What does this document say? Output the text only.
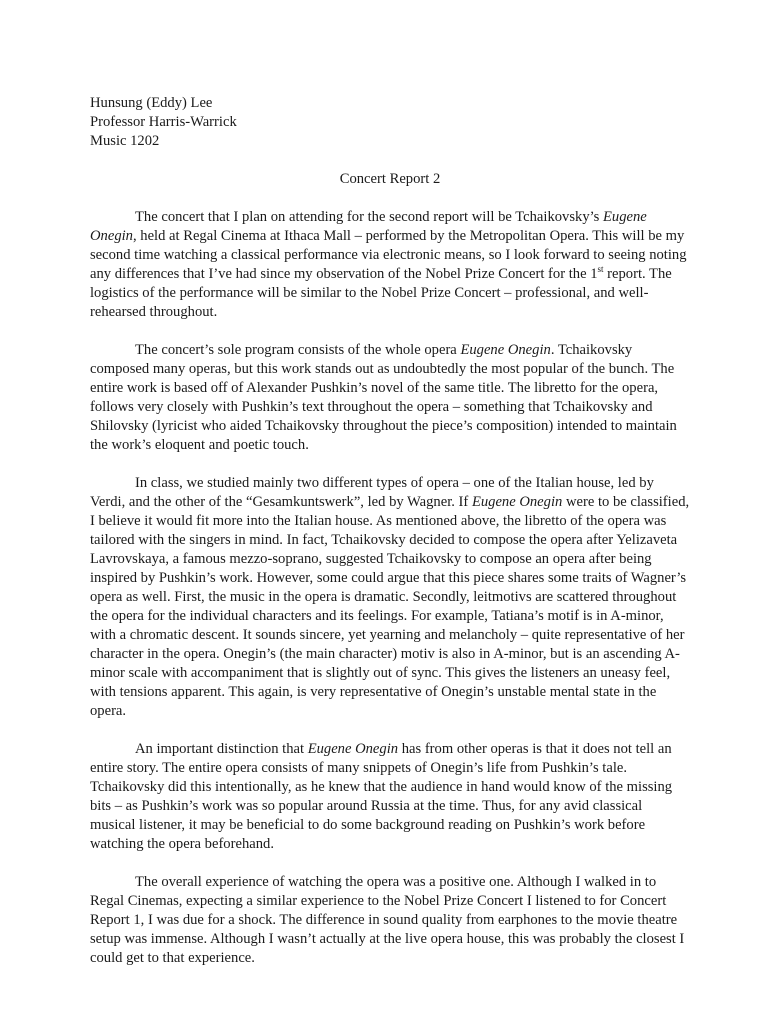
Hunsung (Eddy) Lee
Professor Harris-Warrick
Music 1202
Concert Report 2

The concert that I plan on attending for the second report will be Tchaikovsky’s Eugene Onegin, held at Regal Cinema at Ithaca Mall – performed by the Metropolitan Opera. This will be my second time watching a classical performance via electronic means, so I look forward to seeing noting any differences that I’ve had since my observation of the Nobel Prize Concert for the 1st report. The logistics of the performance will be similar to the Nobel Prize Concert – professional, and well-rehearsed throughout.

The concert’s sole program consists of the whole opera Eugene Onegin. Tchaikovsky composed many operas, but this work stands out as undoubtedly the most popular of the bunch. The entire work is based off of Alexander Pushkin’s novel of the same title. The libretto for the opera, follows very closely with Pushkin’s text throughout the opera – something that Tchaikovsky and Shilovsky (lyricist who aided Tchaikovsky throughout the piece’s composition) intended to maintain the work’s eloquent and poetic touch.

In class, we studied mainly two different types of opera – one of the Italian house, led by Verdi, and the other of the “Gesamkuntswerk”, led by Wagner. If Eugene Onegin were to be classified, I believe it would fit more into the Italian house. As mentioned above, the libretto of the opera was tailored with the singers in mind. In fact, Tchaikovsky decided to compose the opera after Yelizaveta Lavrovskaya, a famous mezzo-soprano, suggested Tchaikovsky to compose an opera after being inspired by Pushkin’s work. However, some could argue that this piece shares some traits of Wagner’s opera as well. First, the music in the opera is dramatic. Secondly, leitmotivs are scattered throughout the opera for the individual characters and its feelings. For example, Tatiana’s motif is in A-minor, with a chromatic descent. It sounds sincere, yet yearning and melancholy – quite representative of her character in the opera. Onegin’s (the main character) motiv is also in A-minor, but is an ascending A-minor scale with accompaniment that is slightly out of sync. This gives the listeners an uneasy feel, with tensions apparent. This again, is very representative of Onegin’s unstable mental state in the opera.

An important distinction that Eugene Onegin has from other operas is that it does not tell an entire story. The entire opera consists of many snippets of Onegin’s life from Pushkin’s tale. Tchaikovsky did this intentionally, as he knew that the audience in hand would know of the missing bits – as Pushkin’s work was so popular around Russia at the time. Thus, for any avid classical musical listener, it may be beneficial to do some background reading on Pushkin’s work before watching the opera beforehand.

The overall experience of watching the opera was a positive one. Although I walked in to Regal Cinemas, expecting a similar experience to the Nobel Prize Concert I listened to for Concert Report 1, I was due for a shock. The difference in sound quality from earphones to the movie theatre setup was immense. Although I wasn’t actually at the live opera house, this was probably the closest I could get to that experience.
